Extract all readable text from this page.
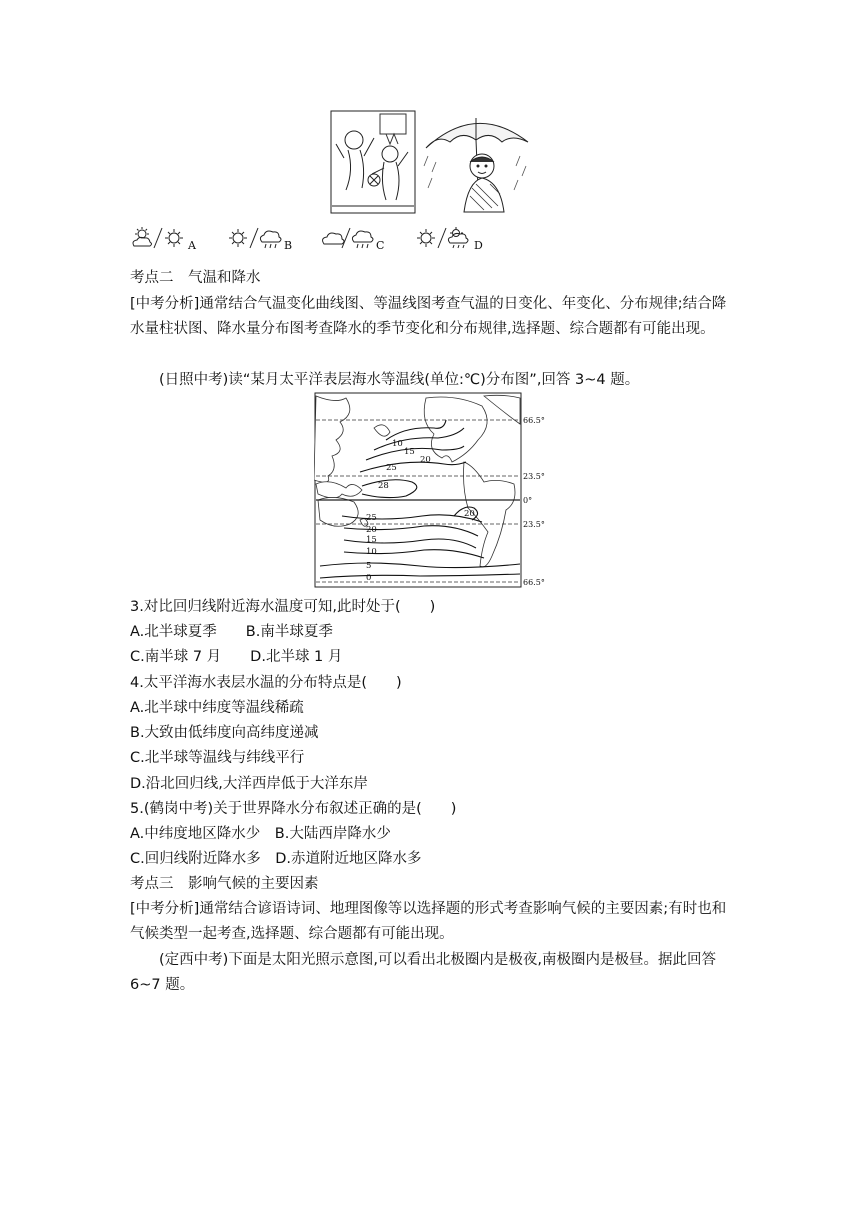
A	B	C	D
考点二　气温和降水
[中考分析]通常结合气温变化曲线图、等温线图考查气温的日变化、年变化、分布规律;结合降水量柱状图、降水量分布图考查降水的季节变化和分布规律,选择题、综合题都有可能出现。
(日照中考)读“某月太平洋表层海水等温线(单位:℃)分布图”,回答 3~4 题。
10
15
20
25
28
20
25
20
15
10
5
0
66.5°
23.5°
0°
23.5°
66.5°
3.对比回归线附近海水温度可知,此时处于(　　)
A.北半球夏季　　B.南半球夏季
C.南半球 7 月　　D.北半球 1 月
4.太平洋海水表层水温的分布特点是(　　)
A.北半球中纬度等温线稀疏
B.大致由低纬度向高纬度递减
C.北半球等温线与纬线平行
D.沿北回归线,大洋西岸低于大洋东岸
5.(鹤岗中考)关于世界降水分布叙述正确的是(　　)
A.中纬度地区降水少　B.大陆西岸降水少
C.回归线附近降水多　D.赤道附近地区降水多
考点三　影响气候的主要因素
[中考分析]通常结合谚语诗词、地理图像等以选择题的形式考查影响气候的主要因素;有时也和气候类型一起考查,选择题、综合题都有可能出现。
(定西中考)下面是太阳光照示意图,可以看出北极圈内是极夜,南极圈内是极昼。据此回答 6~7 题。
